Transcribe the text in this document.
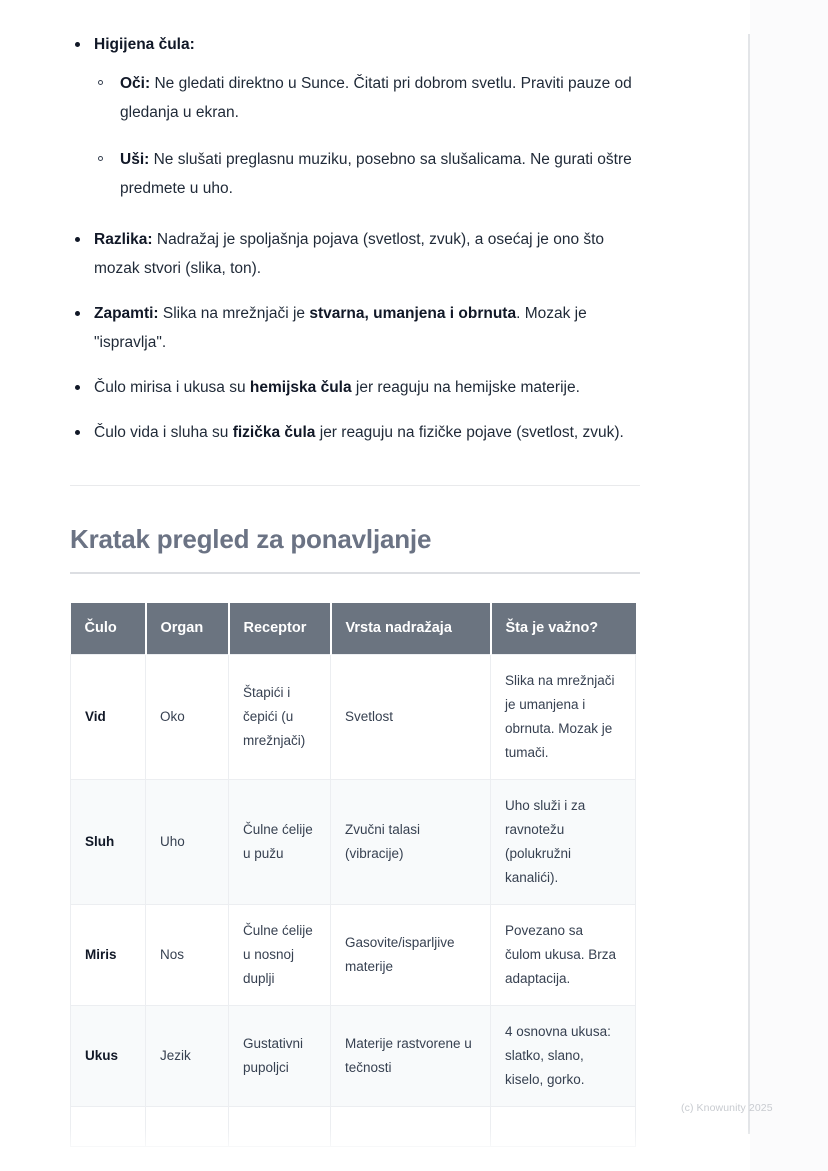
Higijena čula:
Oči: Ne gledati direktno u Sunce. Čitati pri dobrom svetlu. Praviti pauze od gledanja u ekran.
Uši: Ne slušati preglasnu muziku, posebno sa slušalicama. Ne gurati oštre predmete u uho.
Razlika: Nadražaj je spoljašnja pojava (svetlost, zvuk), a osećaj je ono što mozak stvori (slika, ton).
Zapamti: Slika na mrežnjači je stvarna, umanjena i obrnuta. Mozak je "ispravlja".
Čulo mirisa i ukusa su hemijska čula jer reaguju na hemijske materije.
Čulo vida i sluha su fizička čula jer reaguju na fizičke pojave (svetlost, zvuk).
Kratak pregled za ponavljanje
Čulo	Organ	Receptor	Vrsta nadražaja	Šta je važno?
Vid	Oko	Štapići i čepići (u mrežnjači)	Svetlost	Slika na mrežnjači je umanjena i obrnuta. Mozak je tumači.
Sluh	Uho	Čulne ćelije u pužu	Zvučni talasi (vibracije)	Uho služi i za ravnotežu (polukružni kanalići).
Miris	Nos	Čulne ćelije u nosnoj duplji	Gasovite/isparljive materije	Povezano sa čulom ukusa. Brza adaptacija.
Ukus	Jezik	Gustativni pupoljci	Materije rastvorene u tečnosti	4 osnovna ukusa: slatko, slano, kiselo, gorko.

(c) Knowunity 2025
